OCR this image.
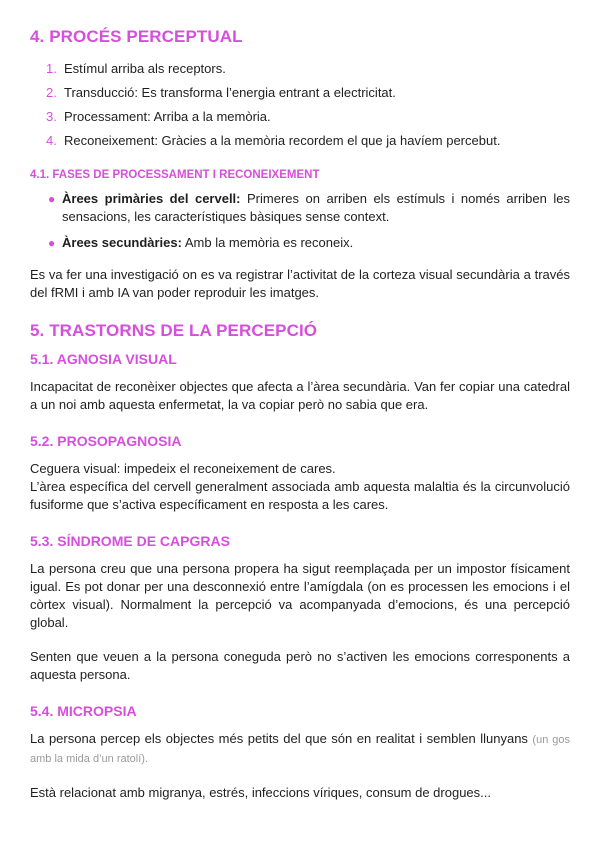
4. PROCÉS PERCEPTUAL
1. Estímul arriba als receptors.
2. Transducció: Es transforma l’energia entrant a electricitat.
3. Processament: Arriba a la memòria.
4. Reconeixement: Gràcies a la memòria recordem el que ja havíem percebut.
4.1. FASES DE PROCESSAMENT I RECONEIXEMENT
● Àrees primàries del cervell: Primeres on arriben els estímuls i només arriben les sensacions, les característiques bàsiques sense context.
● Àrees secundàries: Amb la memòria es reconeix.

Es va fer una investigació on es va registrar l’activitat de la corteza visual secundària a través del fRMI i amb IA van poder reproduir les imatges.

5. TRASTORNS DE LA PERCEPCIÓ
5.1. AGNOSIA VISUAL

Incapacitat de reconèixer objectes que afecta a l’àrea secundària. Van fer copiar una catedral a un noi amb aquesta enfermetat, la va copiar però no sabia que era.

5.2. PROSOPAGNOSIA

Ceguera visual: impedeix el reconeixement de cares.

L’àrea específica del cervell generalment associada amb aquesta malaltia és la circunvolució fusiforme que s’activa específicament en resposta a les cares.

5.3. SÍNDROME DE CAPGRAS

La persona creu que una persona propera ha sigut reemplaçada per un impostor físicament igual. Es pot donar per una desconnexió entre l’amígdala (on es processen les emocions i el còrtex visual). Normalment la percepció va acompanyada d’emocions, és una percepció global.

Senten que veuen a la persona coneguda però no s’activen les emocions corresponents a aquesta persona.

5.4. MICROPSIA

La persona percep els objectes més petits del que són en realitat i semblen llunyans (un gos amb la mida d’un ratolí).

Està relacionat amb migranya, estrés, infeccions víriques, consum de drogues...
